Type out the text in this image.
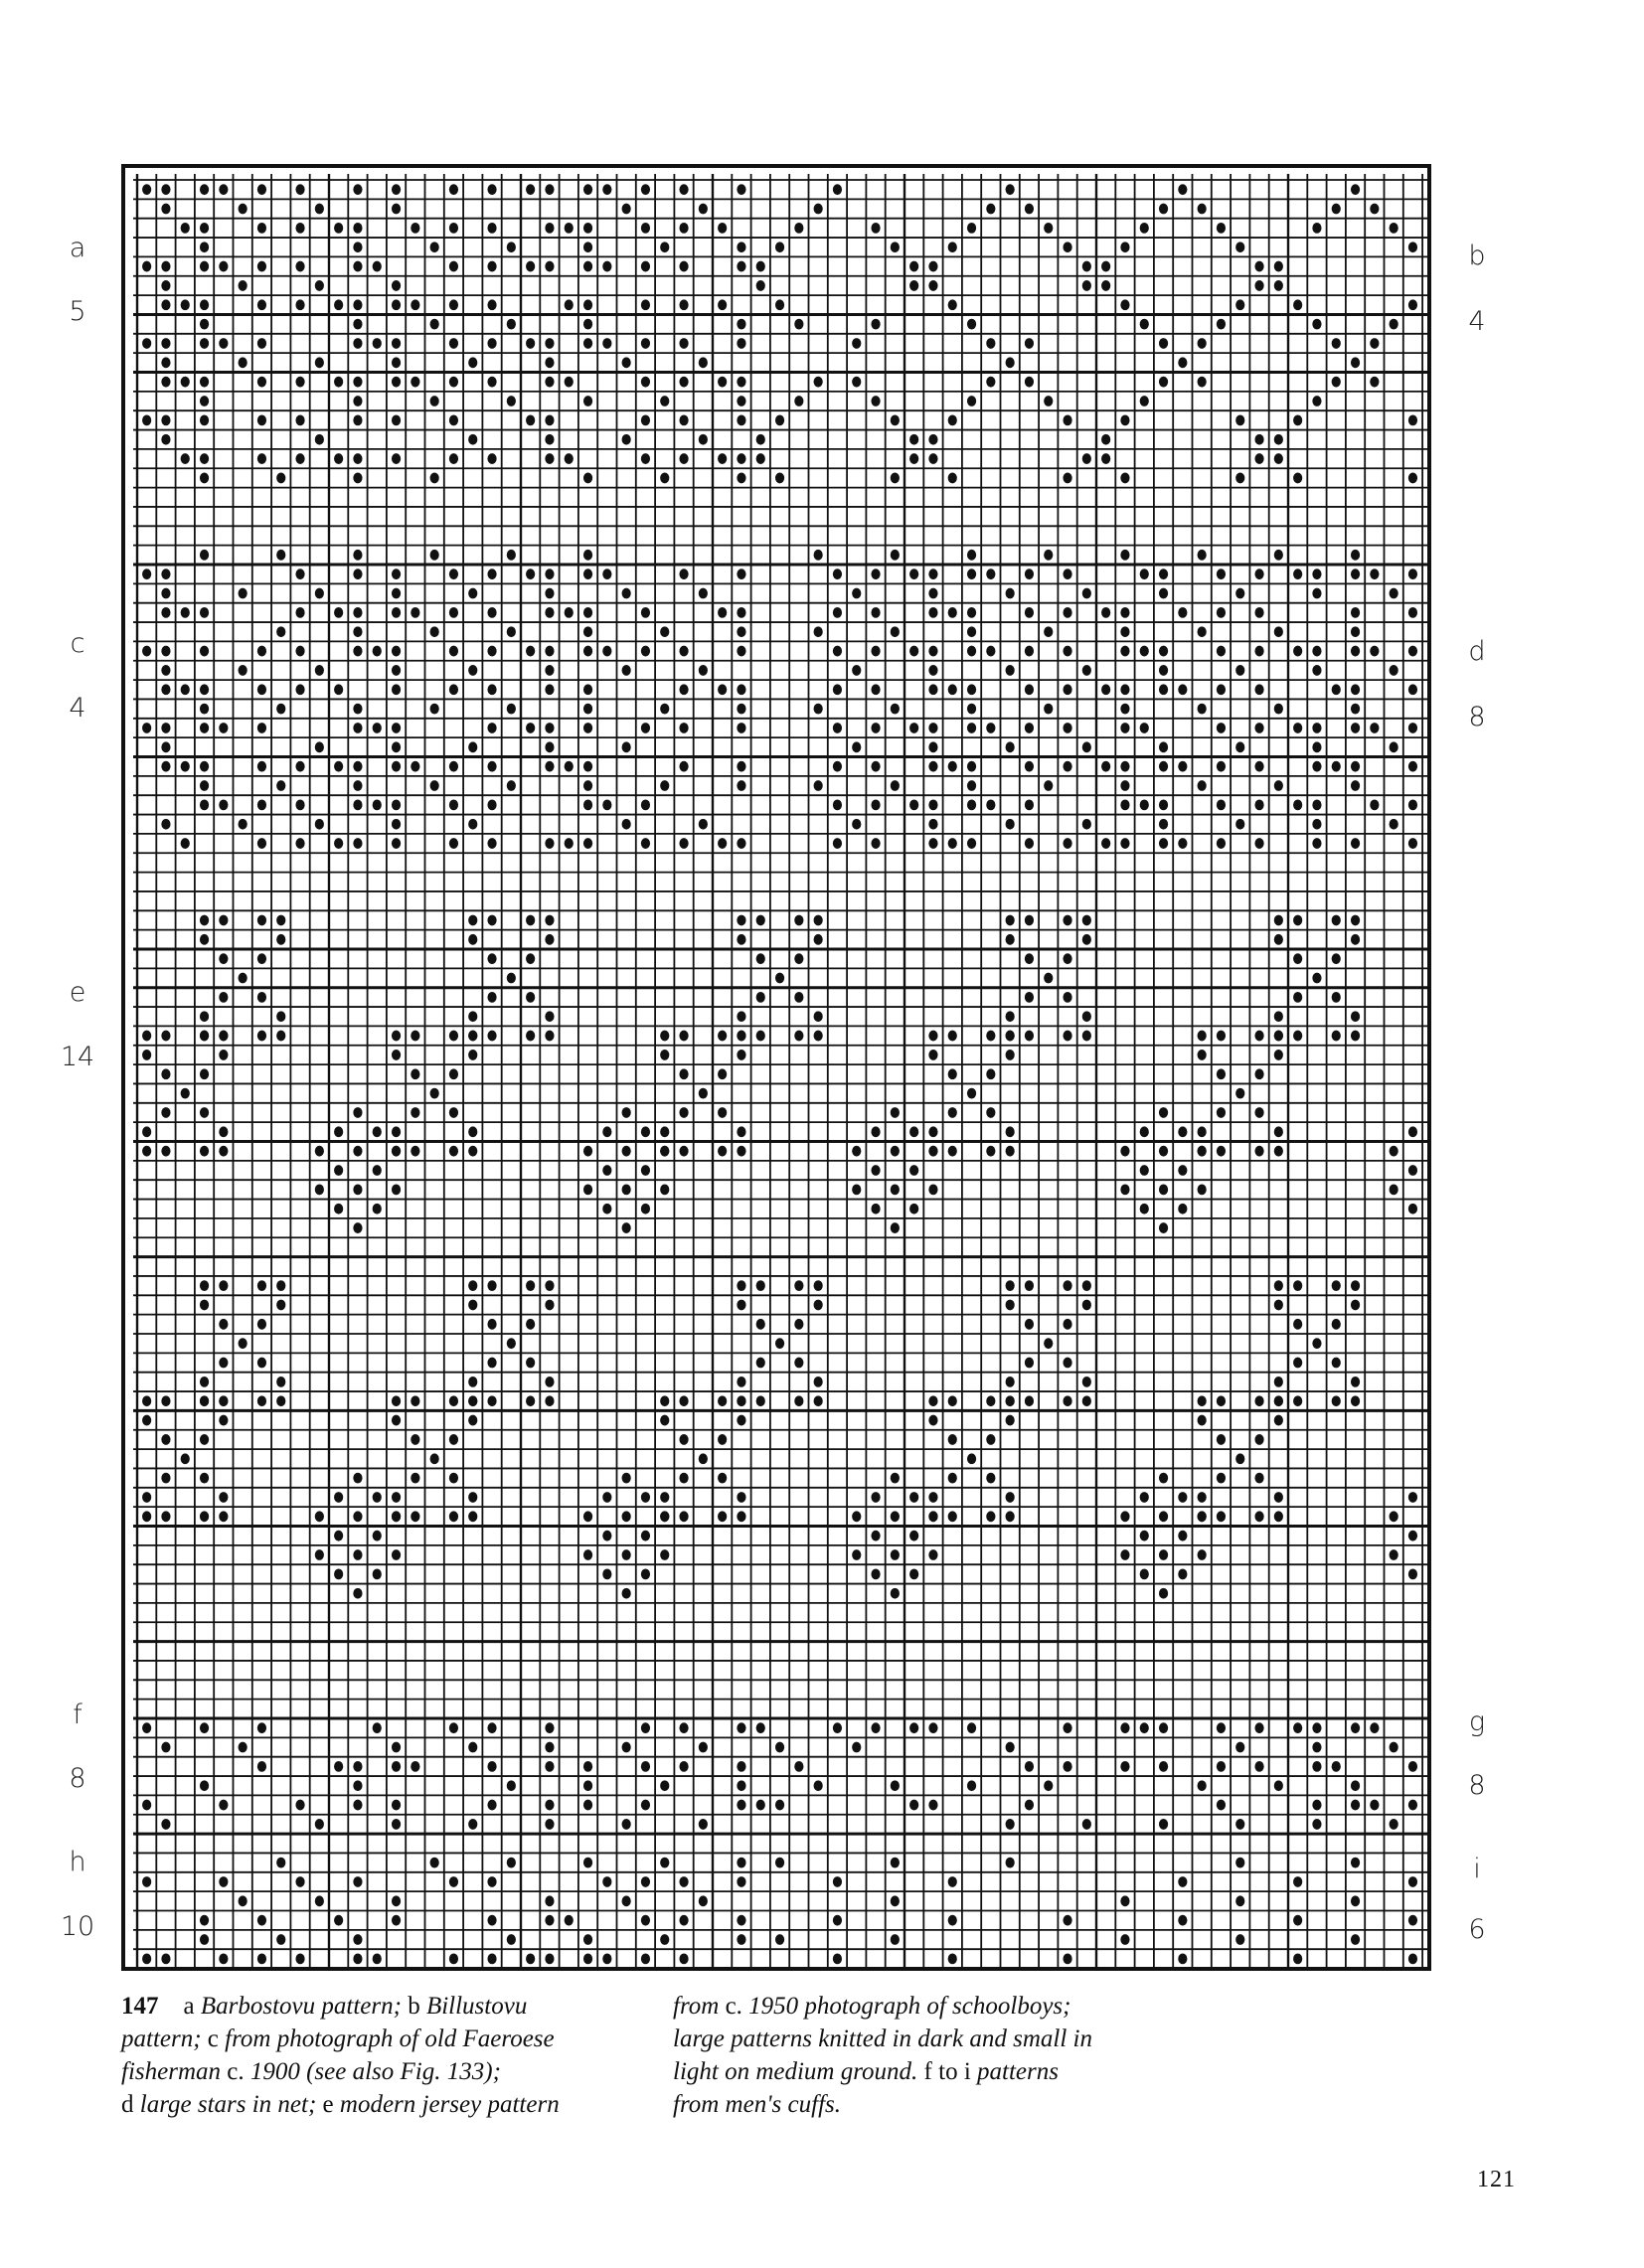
a
5
c
4
e
14
f
8
h
10
b
4
d
8
g
8
i
6
147  a Barbostovu pattern; b Billustovu
pattern; c from photograph of old Faeroese
fisherman c. 1900 (see also Fig. 133);
d large stars in net; e modern jersey pattern
from c. 1950 photograph of schoolboys;
large patterns knitted in dark and small in
light on medium ground. f to i patterns
from men's cuffs.
121
